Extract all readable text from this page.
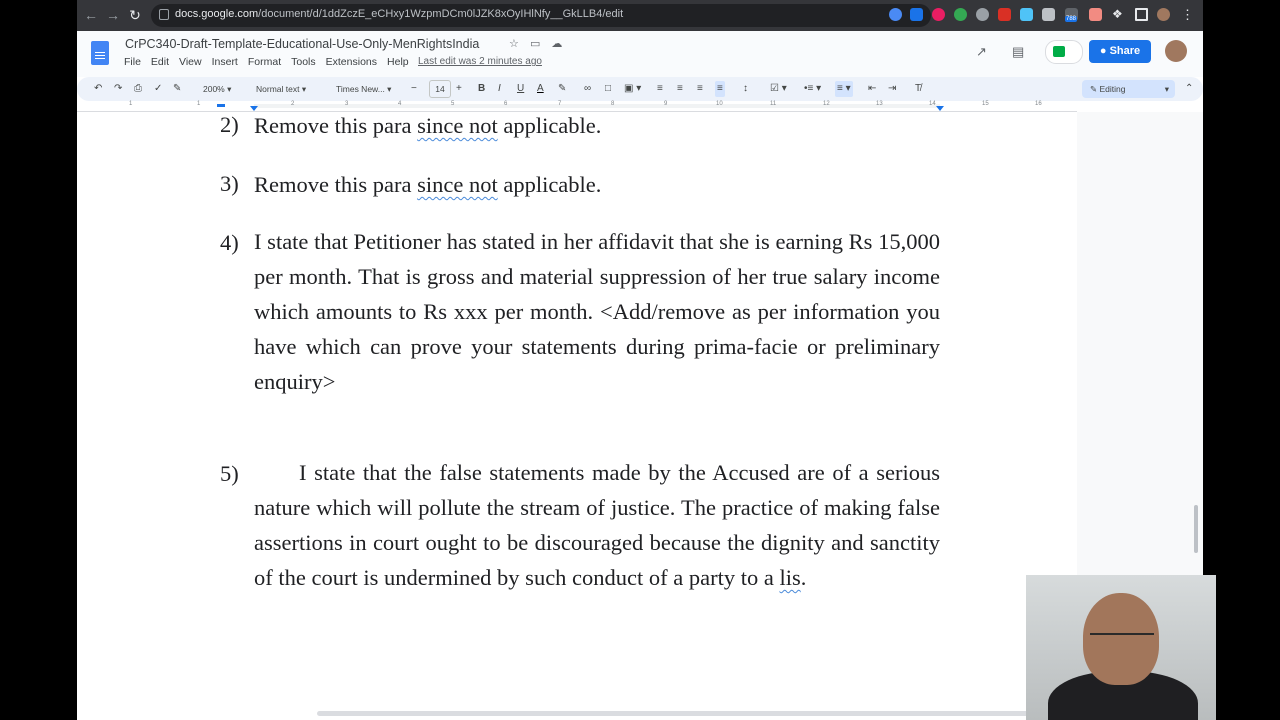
← → ↻	docs.google.com/document/d/1ddZczE_eCHxy1WzpmDCm0lJZK8xOyIHlNfy__GkLLB4/edit	788	❖	⋮
CrPC340-Draft-Template-Educational-Use-Only-MenRightsIndia	☆ ▭ ☁
File Edit View Insert Format Tools Extensions Help Last edit was 2 minutes ago
↗ ▤	● Share
↶ ↷ ⎙ ✓ ✎	200% ▾	Normal text ▾	Times New... ▾ −	14	+ B I U A ✎ ∞ □ ▣ ▾ ≡ ≡ ≡ ≡ ↕ ☑ ▾ •≡ ▾ ≡ ▾ ⇤ ⇥ T̸	✎ Editing	▾ ⌃
1	1	2	3	4	5	6	7	8	9	10	11	12	13	14	15	16
2) Remove this para since not applicable.
3) Remove this para since not applicable.
4) I state that Petitioner has stated in her affidavit that she is earning Rs 15,000 per month. That is gross and material suppression of her true salary income which amounts to Rs xxx per month. <Add/remove as per information you have which can prove your statements during prima-facie or preliminary enquiry>
5)	I state that the false statements made by the Accused are of a serious nature which will pollute the stream of justice. The practice of making false assertions in court ought to be discouraged because the dignity and sanctity of the court is undermined by such conduct of a party to a lis.
